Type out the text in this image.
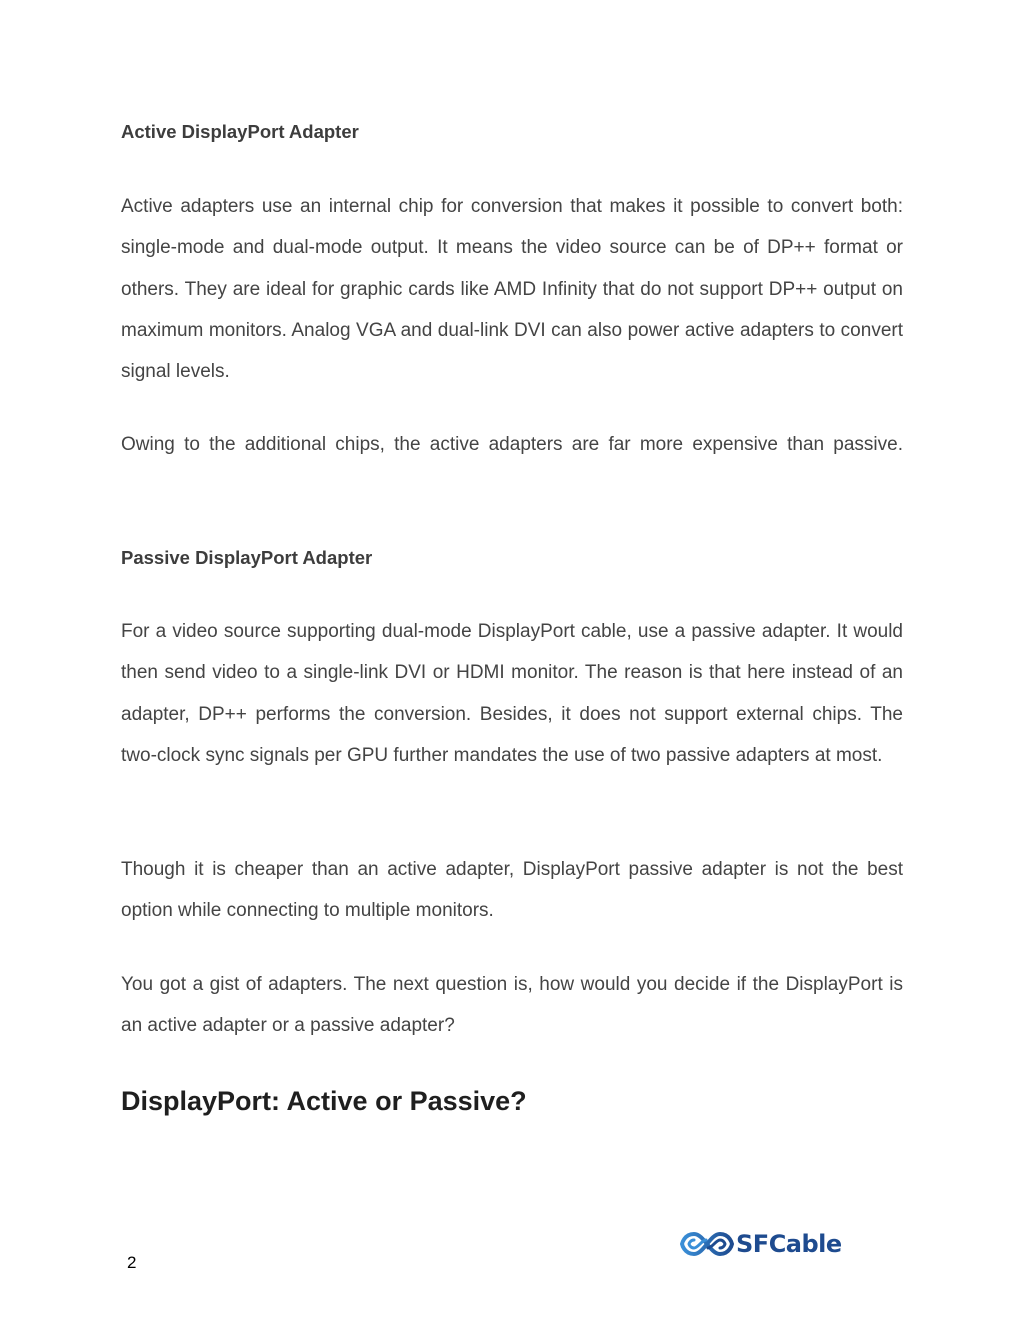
Active DisplayPort Adapter

Active adapters use an internal chip for conversion that makes it possible to convert both: single-mode and dual-mode output. It means the video source can be of DP++ format or others. They are ideal for graphic cards like AMD Infinity that do not support DP++ output on maximum monitors. Analog VGA and dual-link DVI can also power active adapters to convert signal levels.

Owing to the additional chips, the active adapters are far more expensive than passive.

Passive DisplayPort Adapter

For a video source supporting dual-mode DisplayPort cable, use a passive adapter. It would then send video to a single-link DVI or HDMI monitor. The reason is that here instead of an adapter, DP++ performs the conversion. Besides, it does not support external chips. The two-clock sync signals per GPU further mandates the use of two passive adapters at most.

Though it is cheaper than an active adapter, DisplayPort passive adapter is not the best option while connecting to multiple monitors.

You got a gist of adapters. The next question is, how would you decide if the DisplayPort is an active adapter or a passive adapter?

DisplayPort: Active or Passive?
2
SFCable
